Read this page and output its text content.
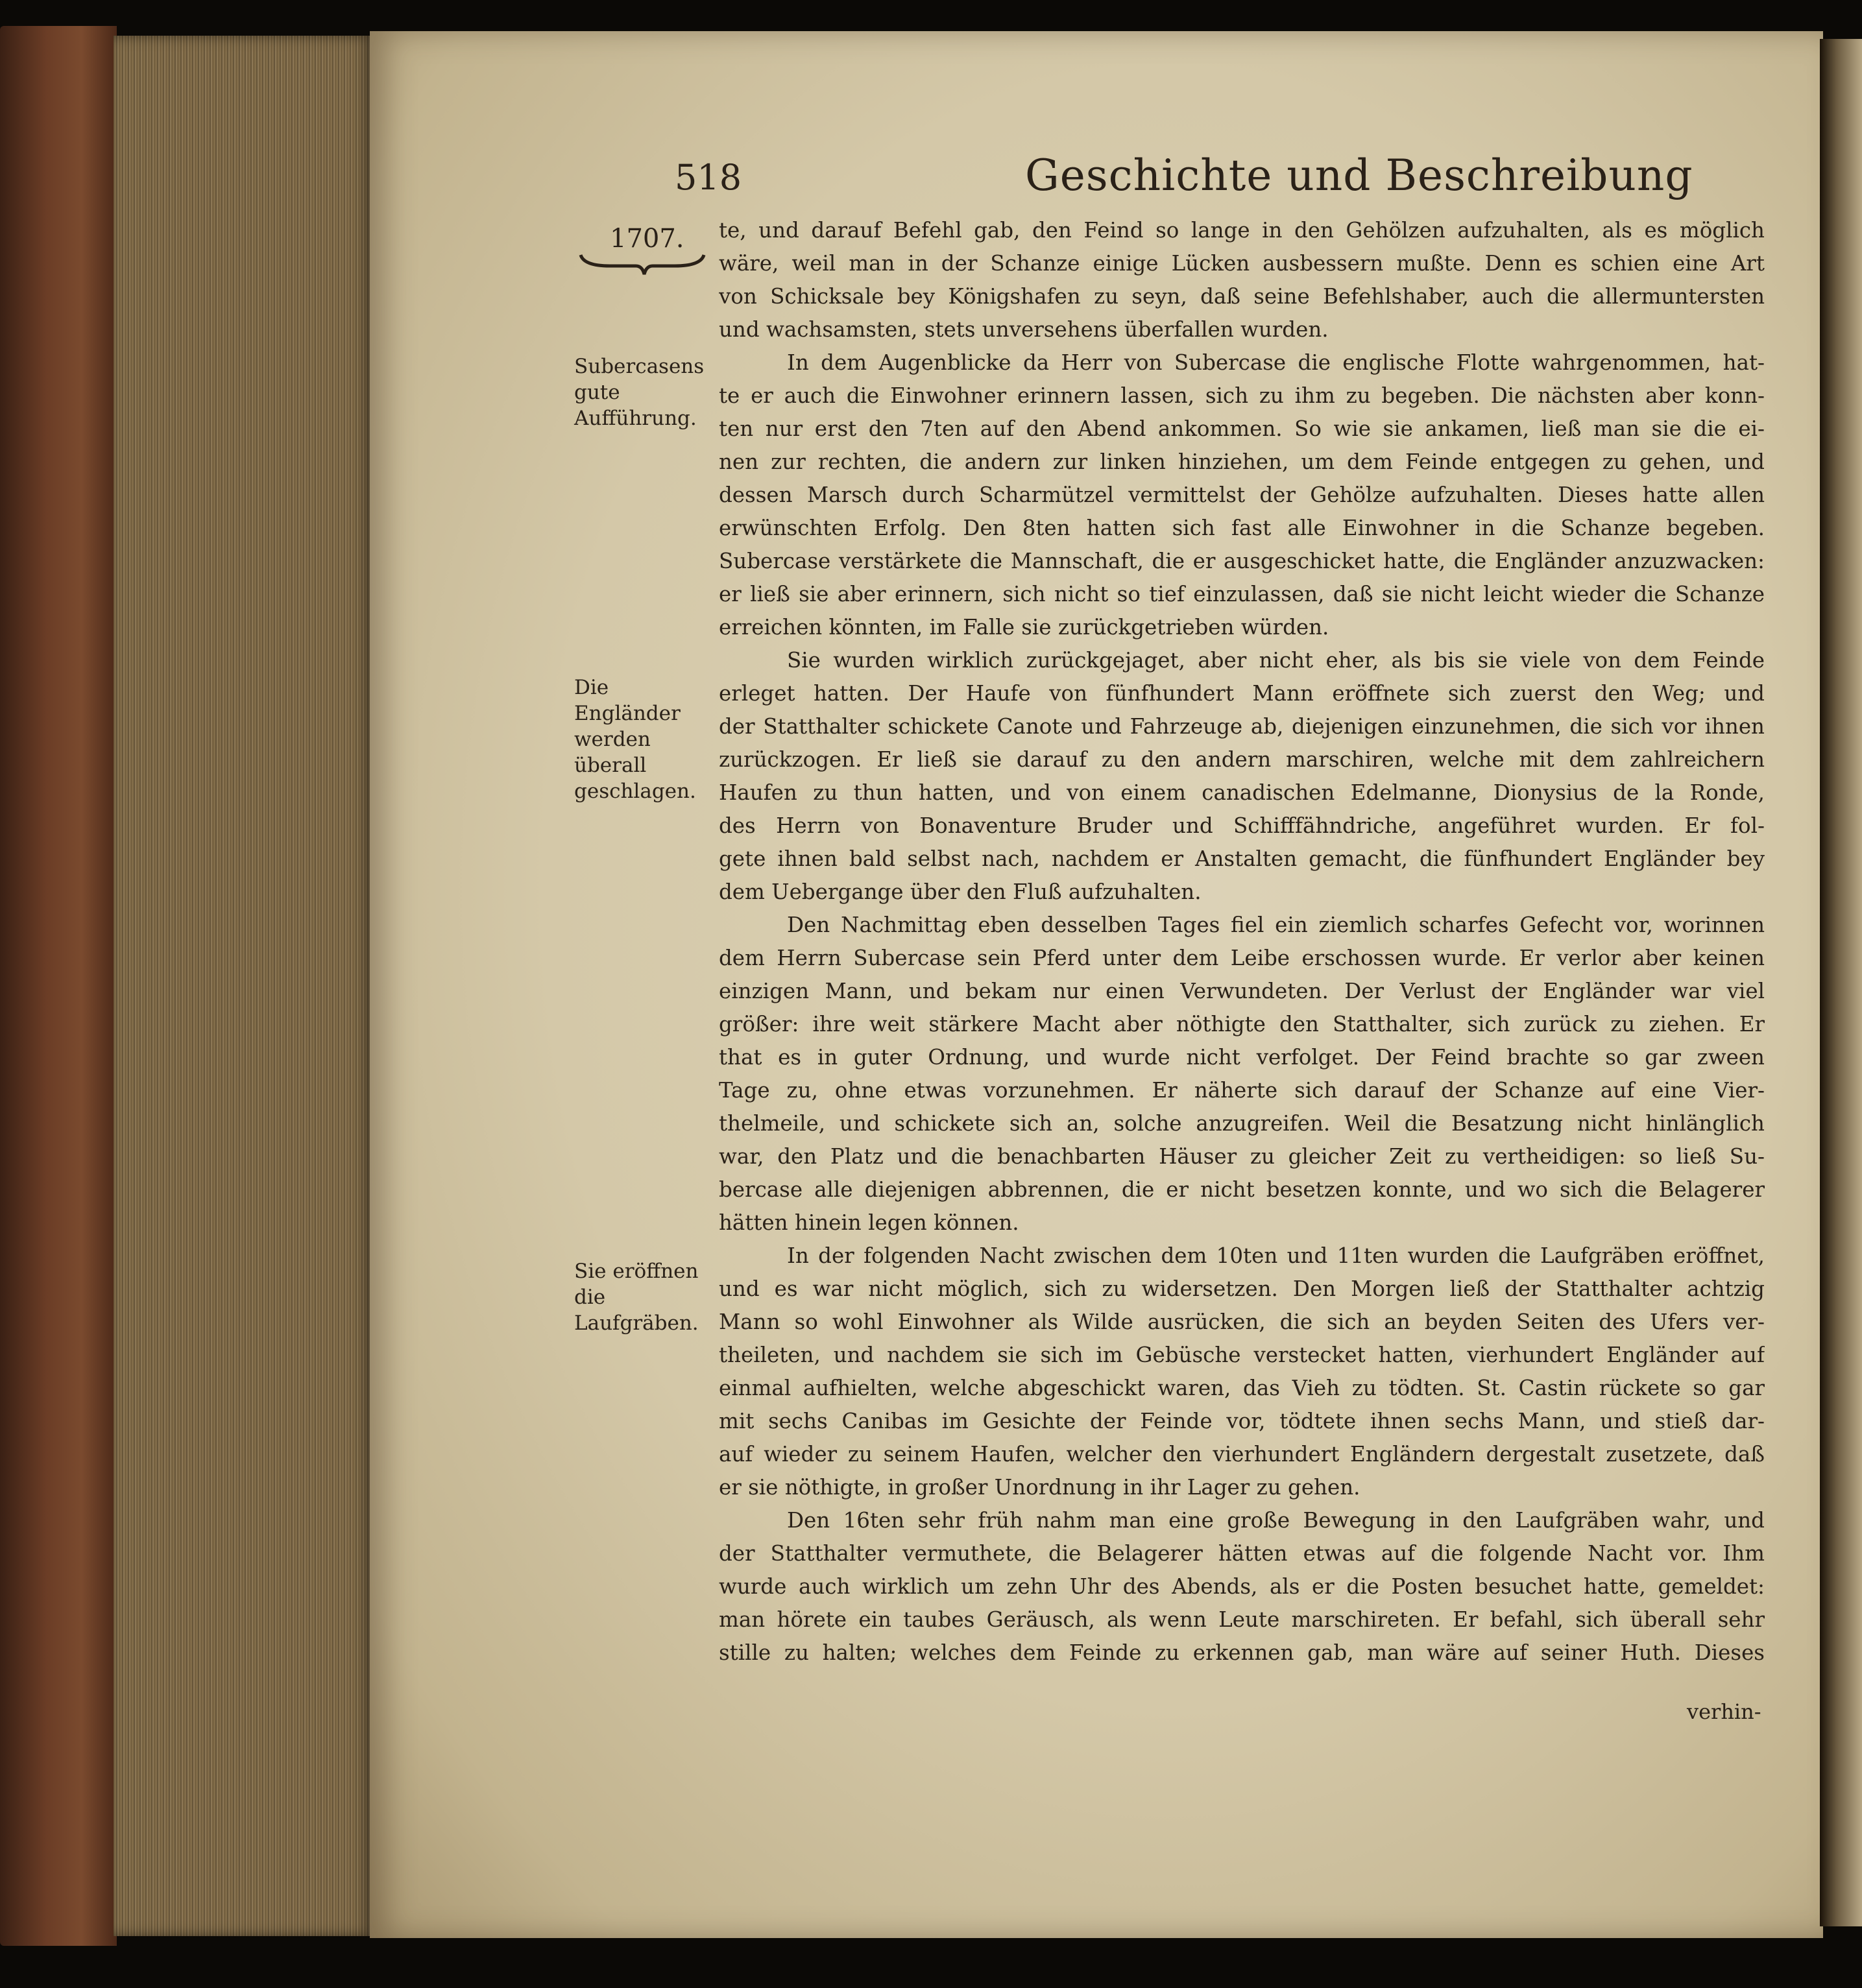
518	Geschichte und Beschreibung
1707.
Subercasens gute Aufführung.
Die Engländer werden überall geschlagen.
Sie eröffnen die Laufgräben.
te, und darauf Befehl gab, den Feind so lange in den Gehölzen aufzuhalten, als es möglich
wäre, weil man in der Schanze einige Lücken ausbessern mußte. Denn es schien eine Art
von Schicksale bey Königshafen zu seyn, daß seine Befehlshaber, auch die allermuntersten
und wachsamsten, stets unversehens überfallen wurden.
In dem Augenblicke da Herr von Subercase die englische Flotte wahrgenommen, hat-
te er auch die Einwohner erinnern lassen, sich zu ihm zu begeben. Die nächsten aber konn-
ten nur erst den 7ten auf den Abend ankommen. So wie sie ankamen, ließ man sie die ei-
nen zur rechten, die andern zur linken hinziehen, um dem Feinde entgegen zu gehen, und
dessen Marsch durch Scharmützel vermittelst der Gehölze aufzuhalten. Dieses hatte allen
erwünschten Erfolg. Den 8ten hatten sich fast alle Einwohner in die Schanze begeben.
Subercase verstärkete die Mannschaft, die er ausgeschicket hatte, die Engländer anzuzwacken:
er ließ sie aber erinnern, sich nicht so tief einzulassen, daß sie nicht leicht wieder die Schanze
erreichen könnten, im Falle sie zurückgetrieben würden.
Sie wurden wirklich zurückgejaget, aber nicht eher, als bis sie viele von dem Feinde
erleget hatten. Der Haufe von fünfhundert Mann eröffnete sich zuerst den Weg; und
der Statthalter schickete Canote und Fahrzeuge ab, diejenigen einzunehmen, die sich vor ihnen
zurückzogen. Er ließ sie darauf zu den andern marschiren, welche mit dem zahlreichern
Haufen zu thun hatten, und von einem canadischen Edelmanne, Dionysius de la Ronde,
des Herrn von Bonaventure Bruder und Schifffähndriche, angeführet wurden. Er fol-
gete ihnen bald selbst nach, nachdem er Anstalten gemacht, die fünfhundert Engländer bey
dem Uebergange über den Fluß aufzuhalten.
Den Nachmittag eben desselben Tages fiel ein ziemlich scharfes Gefecht vor, worinnen
dem Herrn Subercase sein Pferd unter dem Leibe erschossen wurde. Er verlor aber keinen
einzigen Mann, und bekam nur einen Verwundeten. Der Verlust der Engländer war viel
größer: ihre weit stärkere Macht aber nöthigte den Statthalter, sich zurück zu ziehen. Er
that es in guter Ordnung, und wurde nicht verfolget. Der Feind brachte so gar zween
Tage zu, ohne etwas vorzunehmen. Er näherte sich darauf der Schanze auf eine Vier-
thelmeile, und schickete sich an, solche anzugreifen. Weil die Besatzung nicht hinlänglich
war, den Platz und die benachbarten Häuser zu gleicher Zeit zu vertheidigen: so ließ Su-
bercase alle diejenigen abbrennen, die er nicht besetzen konnte, und wo sich die Belagerer
hätten hinein legen können.
In der folgenden Nacht zwischen dem 10ten und 11ten wurden die Laufgräben eröffnet,
und es war nicht möglich, sich zu widersetzen. Den Morgen ließ der Statthalter achtzig
Mann so wohl Einwohner als Wilde ausrücken, die sich an beyden Seiten des Ufers ver-
theileten, und nachdem sie sich im Gebüsche verstecket hatten, vierhundert Engländer auf
einmal aufhielten, welche abgeschickt waren, das Vieh zu tödten. St. Castin rückete so gar
mit sechs Canibas im Gesichte der Feinde vor, tödtete ihnen sechs Mann, und stieß dar-
auf wieder zu seinem Haufen, welcher den vierhundert Engländern dergestalt zusetzete, daß
er sie nöthigte, in großer Unordnung in ihr Lager zu gehen.
Den 16ten sehr früh nahm man eine große Bewegung in den Laufgräben wahr, und
der Statthalter vermuthete, die Belagerer hätten etwas auf die folgende Nacht vor. Ihm
wurde auch wirklich um zehn Uhr des Abends, als er die Posten besuchet hatte, gemeldet:
man hörete ein taubes Geräusch, als wenn Leute marschireten. Er befahl, sich überall sehr
stille zu halten; welches dem Feinde zu erkennen gab, man wäre auf seiner Huth. Dieses
verhin-
